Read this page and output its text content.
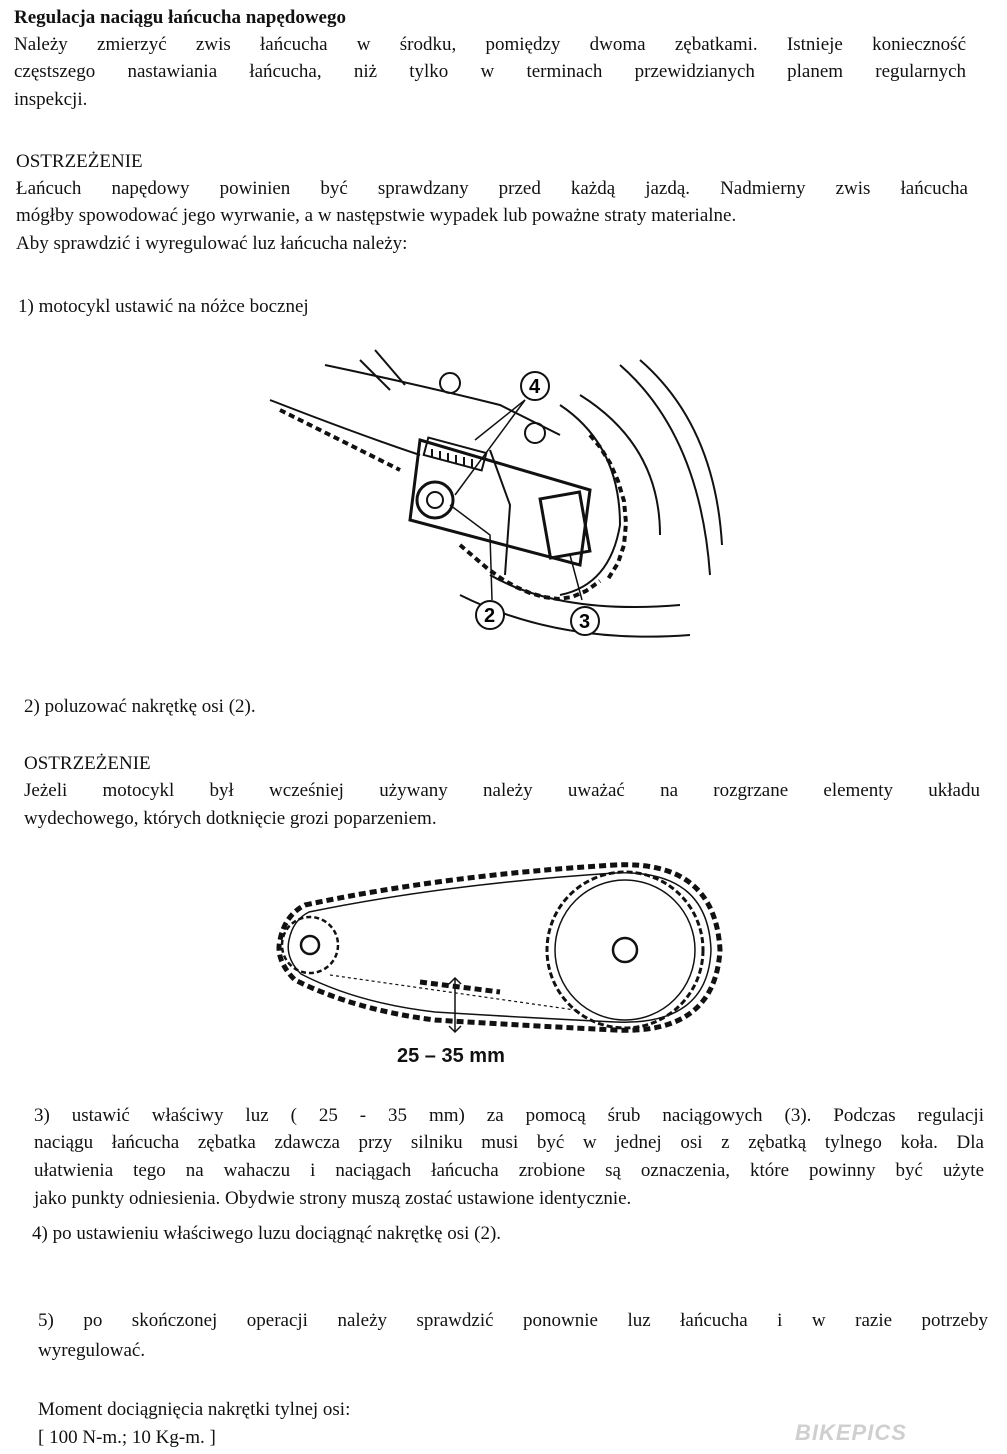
Regulacja naciągu łańcucha napędowego

Należy zmierzyć zwis łańcucha w środku, pomiędzy dwoma zębatkami. Istnieje konieczność

częstszego nastawiania łańcucha, niż tylko w terminach przewidzianych planem regularnych

inspekcji.

OSTRZEŻENIE

Łańcuch napędowy powinien być sprawdzany przed każdą jazdą. Nadmierny zwis łańcucha

mógłby spowodować jego wyrwanie, a w następstwie wypadek lub poważne straty materialne.

Aby sprawdzić i wyregulować luz łańcucha należy:

1) motocykl ustawić na nóżce bocznej

4
2	3

2) poluzować nakrętkę osi (2).

OSTRZEŻENIE

Jeżeli motocykl był wcześniej używany należy uważać na rozgrzane elementy układu

wydechowego, których dotknięcie grozi poparzeniem.

25 – 35 mm

3) ustawić właściwy luz ( 25 - 35 mm) za pomocą śrub naciągowych (3). Podczas regulacji

naciągu łańcucha zębatka zdawcza przy silniku musi być w jednej osi z zębatką tylnego koła. Dla

ułatwienia tego na wahaczu i naciągach łańcucha zrobione są oznaczenia, które powinny być użyte

jako punkty odniesienia. Obydwie strony muszą zostać ustawione identycznie.

4) po ustawieniu właściwego luzu dociągnąć nakrętkę osi (2).

5) po skończonej operacji należy sprawdzić ponownie luz łańcucha i w razie potrzeby

wyregulować.

Moment dociągnięcia nakrętki tylnej osi:

[ 100 N-m.; 10 Kg-m. ]	BIKEPICS
